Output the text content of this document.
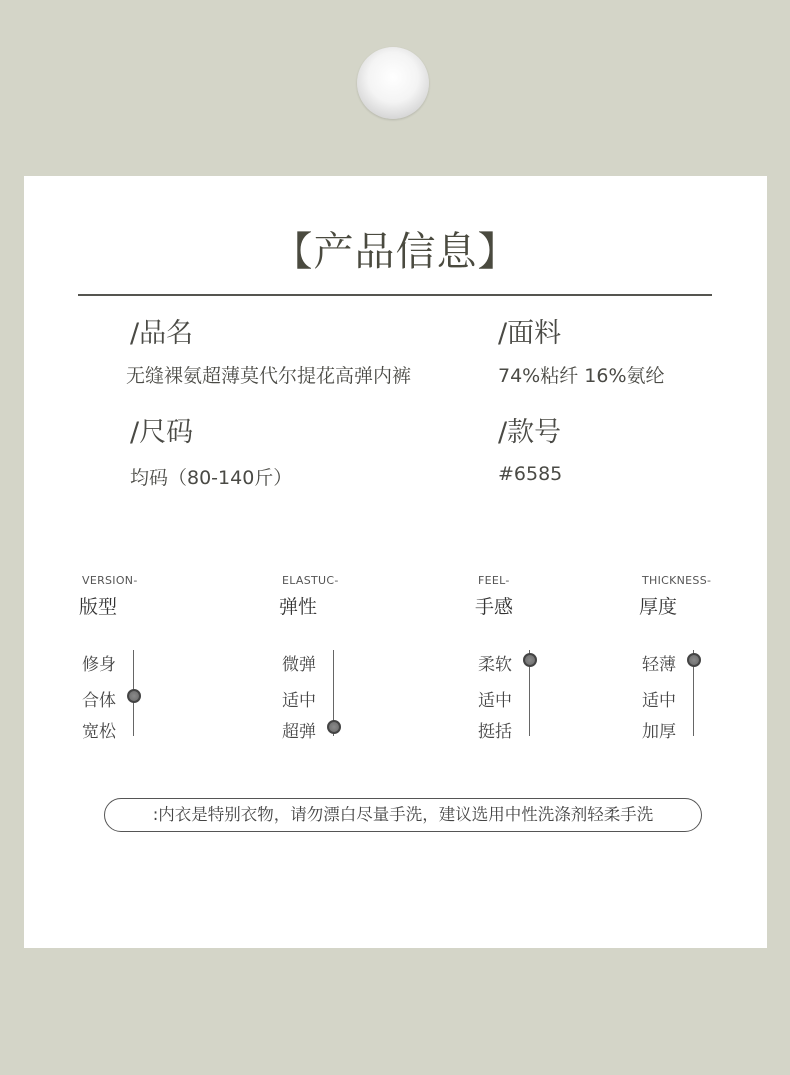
【产品信息】
/品名
无缝裸氨超薄莫代尔提花高弹内裤
/面料
74%粘纤 16%氨纶
/尺码
均码（80-140斤）
/款号
#6585
VERSION-
版型
修身
合体
宽松
ELASTUC-
弹性
微弹
适中
超弹
FEEL-
手感
柔软
适中
挺括
THICKNESS-
厚度
轻薄
适中
加厚
:内衣是特别衣物，请勿漂白尽量手洗，建议选用中性洗涤剂轻柔手洗
